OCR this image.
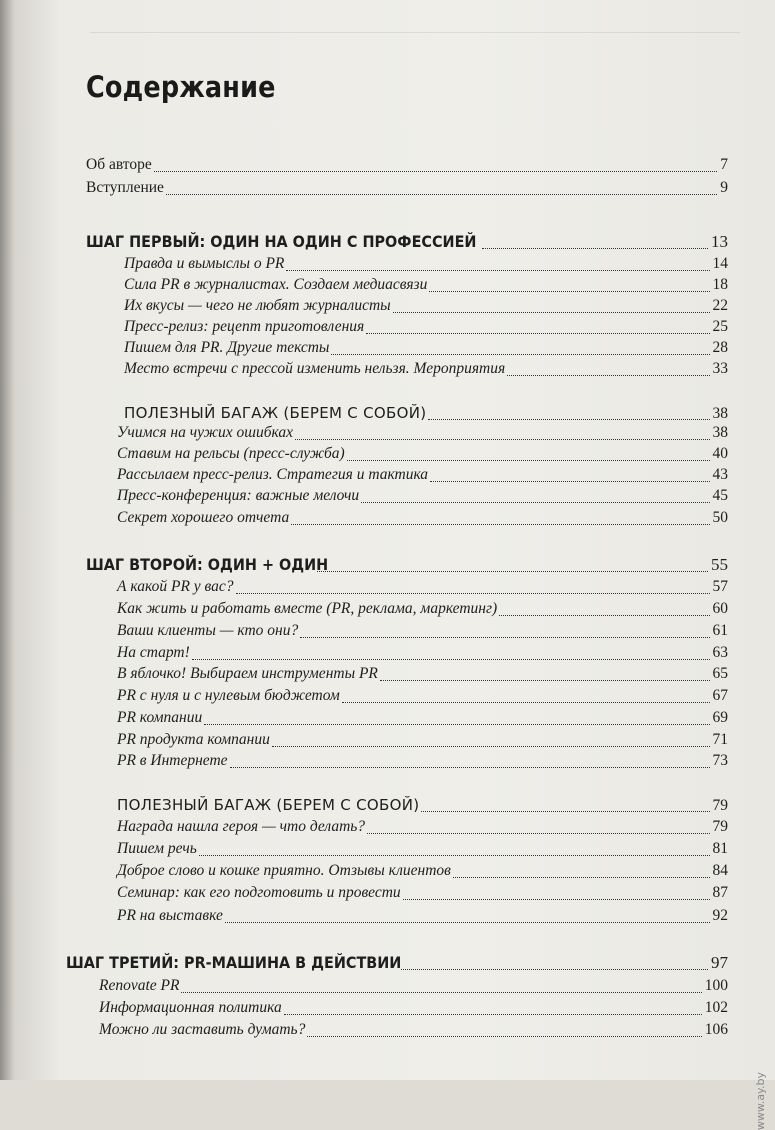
Содержание
Об авторе	7
Вступление	9
ШАГ ПЕРВЫЙ: ОДИН НА ОДИН С ПРОФЕССИЕЙ	13
Правда и вымыслы о PR	14
Сила PR в журналистах. Создаем медиасвязи	18
Их вкусы — чего не любят журналисты	22
Пресс-релиз: рецепт приготовления	25
Пишем для PR. Другие тексты	28
Место встречи с прессой изменить нельзя. Мероприятия	33
ПОЛЕЗНЫЙ БАГАЖ (БЕРЕМ С СОБОЙ)	38
Учимся на чужих ошибках	38
Ставим на рельсы (пресс-служба)	40
Рассылаем пресс-релиз. Стратегия и тактика	43
Пресс-конференция: важные мелочи	45
Секрет хорошего отчета	50
ШАГ ВТОРОЙ: ОДИН + ОДИН	55
А какой PR у вас?	57
Как жить и работать вместе (PR, реклама, маркетинг)	60
Ваши клиенты — кто они?	61
На старт!	63
В яблочко! Выбираем инструменты PR	65
PR с нуля и с нулевым бюджетом	67
PR компании	69
PR продукта компании	71
PR в Интернете	73
ПОЛЕЗНЫЙ БАГАЖ (БЕРЕМ С СОБОЙ)	79
Награда нашла героя — что делать?	79
Пишем речь	81
Доброе слово и кошке приятно. Отзывы клиентов	84
Семинар: как его подготовить и провести	87
PR на выставке	92
ШАГ ТРЕТИЙ: PR-МАШИНА В ДЕЙСТВИИ	97
Renovate PR	100
Информационная политика	102
Можно ли заставить думать?	106
www.ay.by
